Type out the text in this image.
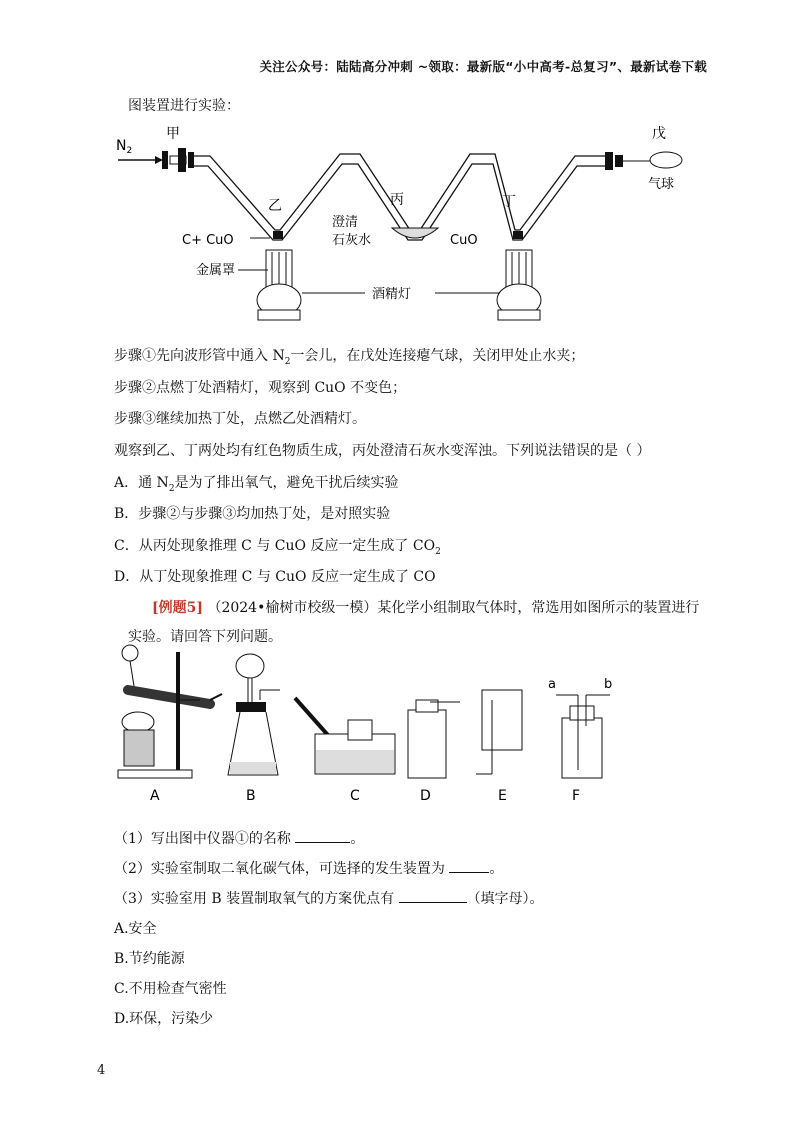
关注公众号：陆陆高分冲刺 ~领取：最新版“小中高考-总复习”、最新试卷下载
图装置进行实验：
$N_2$
甲
乙	丙	丁
戊
气球
C+ CuO
澄清
石灰水	CuO
金属罩
酒精灯
步骤①先向波形管中通入 $N_2$一会儿，在戊处连接瘪气球，关闭甲处止水夹；
步骤②点燃丁处酒精灯，观察到 CuO 不变色；
步骤③继续加热丁处，点燃乙处酒精灯。
观察到乙、丁两处均有红色物质生成，丙处澄清石灰水变浑浊。下列说法错误的是（ ）
A．通 $N_2$是为了排出氧气，避免干扰后续实验
B．步骤②与步骤③均加热丁处，是对照实验
C．从丙处现象推理 C 与 CuO 反应一定生成了 $CO_2$
D．从丁处现象推理 C 与 CuO 反应一定生成了 CO
[例题5] （2024•榆树市校级一模）某化学小组制取气体时，常选用如图所示的装置进行
实验。请回答下列问题。
A	B	C	D	E
a	b
F
（1）写出图中仪器①的名称	。
（2）实验室制取二氧化碳气体，可选择的发生装置为	。
（3）实验室用 B 装置制取氧气的方案优点有	（填字母）。
A.安全
B.节约能源
C.不用检查气密性
D.环保，污染少
4
